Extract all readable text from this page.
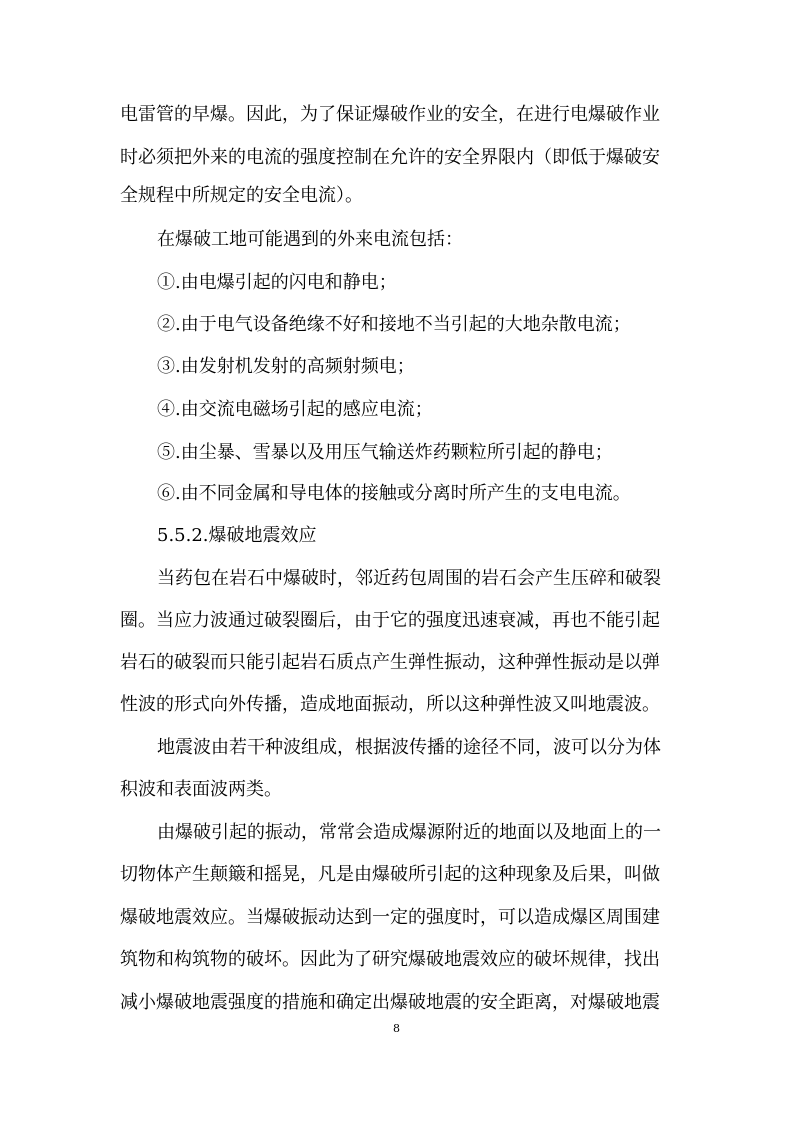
电雷管的早爆。因此，为了保证爆破作业的安全，在进行电爆破作业
时必须把外来的电流的强度控制在允许的安全界限内（即低于爆破安
全规程中所规定的安全电流）。
在爆破工地可能遇到的外来电流包括：
①.由电爆引起的闪电和静电；
②.由于电气设备绝缘不好和接地不当引起的大地杂散电流；
③.由发射机发射的高频射频电；
④.由交流电磁场引起的感应电流；
⑤.由尘暴、雪暴以及用压气输送炸药颗粒所引起的静电；
⑥.由不同金属和导电体的接触或分离时所产生的支电电流。
5.5.2.爆破地震效应
当药包在岩石中爆破时，邻近药包周围的岩石会产生压碎和破裂
圈。当应力波通过破裂圈后，由于它的强度迅速衰减，再也不能引起
岩石的破裂而只能引起岩石质点产生弹性振动，这种弹性振动是以弹
性波的形式向外传播，造成地面振动，所以这种弹性波又叫地震波。
地震波由若干种波组成，根据波传播的途径不同，波可以分为体
积波和表面波两类。
由爆破引起的振动，常常会造成爆源附近的地面以及地面上的一
切物体产生颠簸和摇晃，凡是由爆破所引起的这种现象及后果，叫做
爆破地震效应。当爆破振动达到一定的强度时，可以造成爆区周围建
筑物和构筑物的破坏。因此为了研究爆破地震效应的破坏规律，找出
减小爆破地震强度的措施和确定出爆破地震的安全距离，对爆破地震
8
